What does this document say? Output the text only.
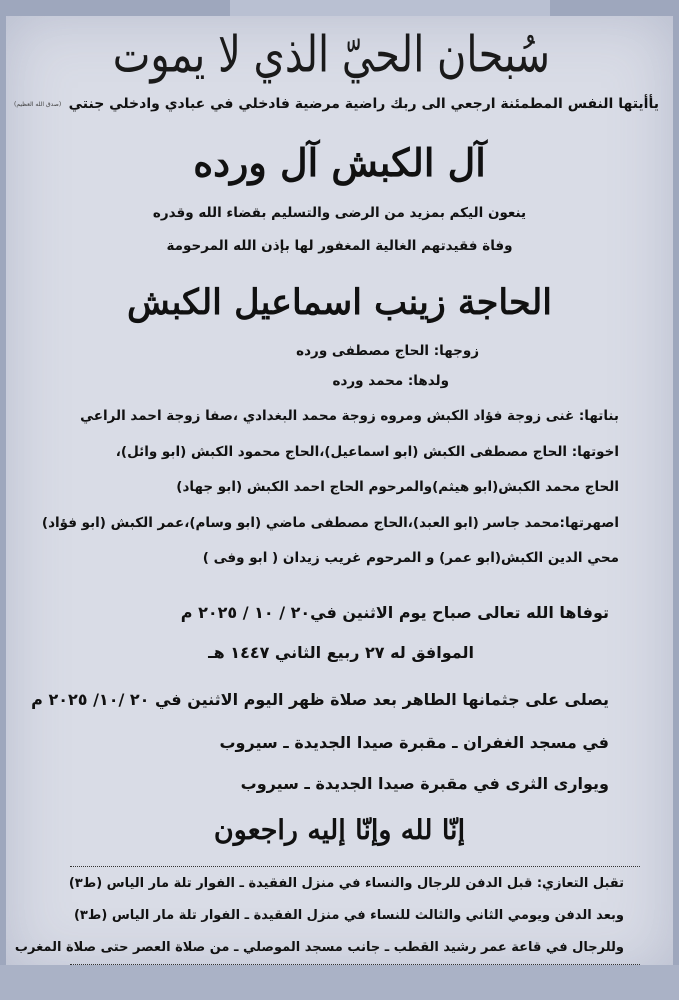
سُبحان الحيّ الذي لا يموت
يأأيتها النفس المطمئنة ارجعي الى ربك راضية مرضية فادخلي في عبادي وادخلي جنتي
(صدق الله العظيم)
آل الكبش آل ورده
ينعون اليكم بمزيد من الرضى والتسليم بقضاء الله وقدره
وفاة فقيدتهم الغالية المغفور لها بإذن الله المرحومة
الحاجة زينب اسماعيل الكبش
زوجها: الحاج مصطفى ورده
ولدها: محمد ورده
بناتها: غنى زوجة فؤاد الكبش ومروه زوجة محمد البغدادي ،صفا زوجة احمد الراعي
اخوتها: الحاج مصطفى الكبش (ابو اسماعيل)،الحاج محمود الكبش (ابو وائل)،
الحاج محمد الكبش(ابو هيثم)والمرحوم الحاج احمد الكبش (ابو جهاد)
اصهرتها:محمد جاسر (ابو العبد)،الحاج مصطفى ماضي (ابو وسام)،عمر الكبش (ابو فؤاد)
محي الدين الكبش(ابو عمر) و المرحوم غريب زيدان ( ابو وفى )
توفاها الله تعالى صباح يوم الاثنين في٢٠ / ١٠ / ٢٠٢٥ م
الموافق له ٢٧ ربيع الثاني ١٤٤٧ هـ
يصلى على جثمانها الطاهر بعد صلاة ظهر اليوم الاثنين في ٢٠ /١٠/ ٢٠٢٥ م
في مسجد الغفران ـ مقبرة صيدا الجديدة ـ سيروب
ويوارى الثرى في مقبرة صيدا الجديدة ـ سيروب
إنّا لله وإنّا إليه راجعون
تقبل التعازي: قبل الدفن للرجال والنساء في منزل الفقيدة ـ الفوار تلة مار الياس (ط٣)
وبعد الدفن ويومي الثاني والثالث للنساء في منزل الفقيدة ـ الفوار تلة مار الياس (ط٣)
وللرجال في قاعة عمر رشيد القطب ـ جانب مسجد الموصلي ـ من صلاة العصر حتى صلاة المغرب
